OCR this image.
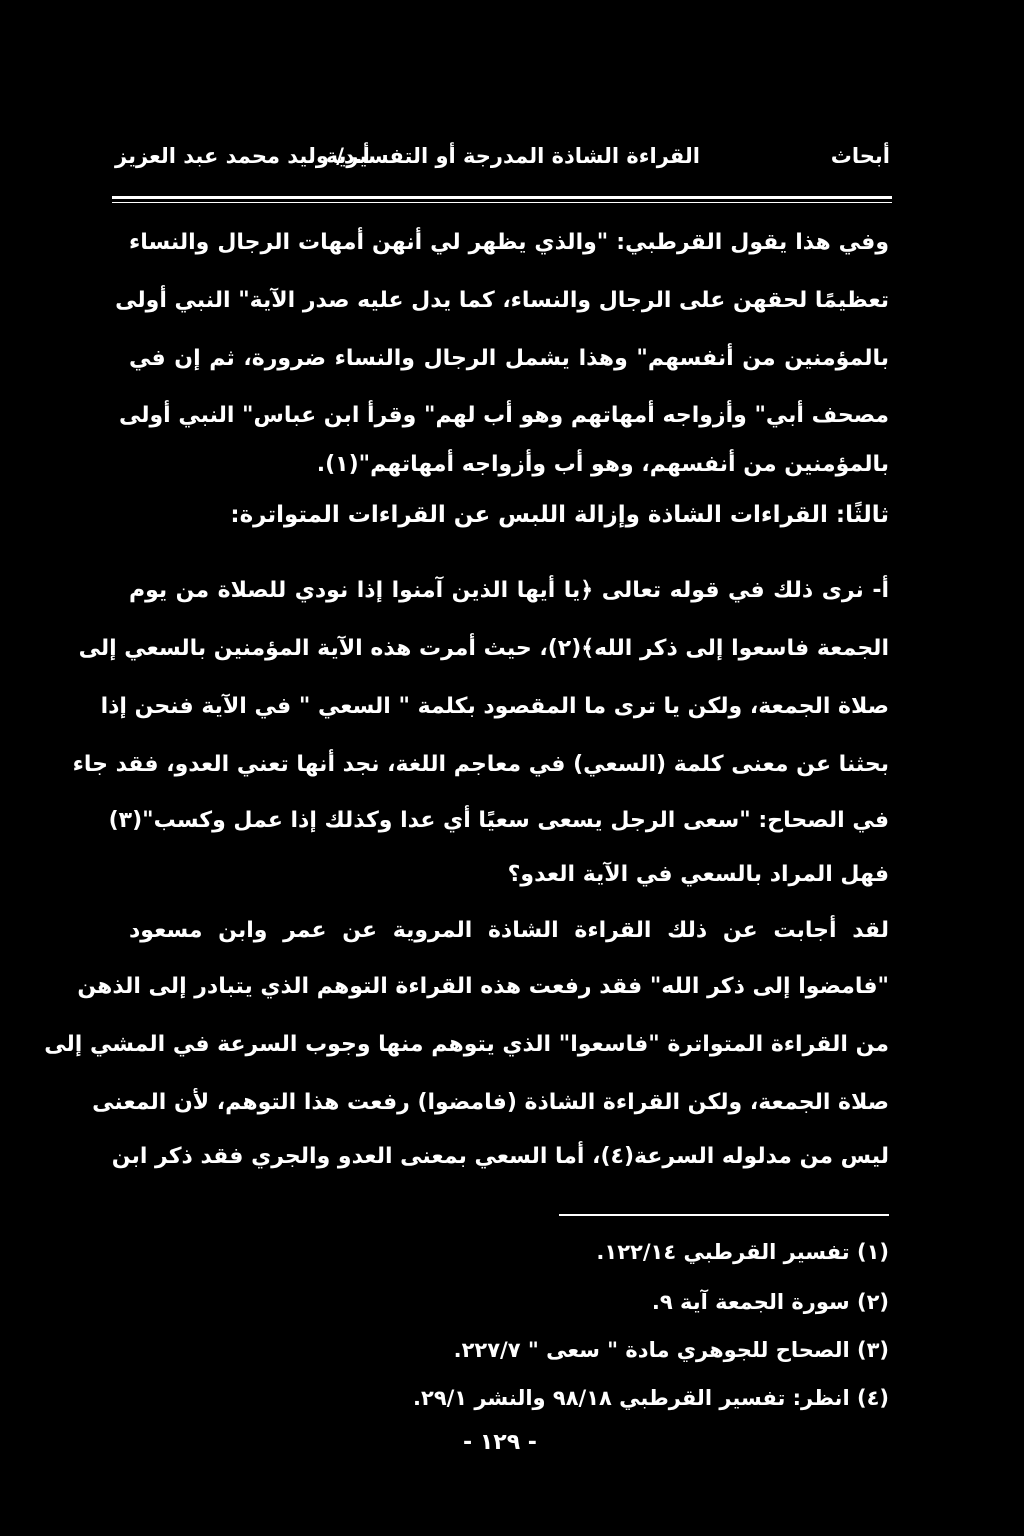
أبحاث
القراءة الشاذة المدرجة أو التفسيرية
أ.د/ وليد محمد عبد العزيز
وفي هذا يقول القرطبي: "والذي يظهر لي أنهن أمهات الرجال والنساء
تعظيمًا لحقهن على الرجال والنساء، كما يدل عليه صدر الآية" النبي أولى
بالمؤمنين من أنفسهم" وهذا يشمل الرجال والنساء ضرورة، ثم إن في
مصحف أبي" وأزواجه أمهاتهم وهو أب لهم" وقرأ ابن عباس" النبي أولى
بالمؤمنين من أنفسهم، وهو أب وأزواجه أمهاتهم"(١).
ثالثًا: القراءات الشاذة وإزالة اللبس عن القراءات المتواترة:
أ- نرى ذلك في قوله تعالى ﴿يا أيها الذين آمنوا إذا نودي للصلاة من يوم
الجمعة فاسعوا إلى ذكر الله﴾(٢)، حيث أمرت هذه الآية المؤمنين بالسعي إلى
صلاة الجمعة، ولكن يا ترى ما المقصود بكلمة " السعي " في الآية فنحن إذا
بحثنا عن معنى كلمة (السعي) في معاجم اللغة، نجد أنها تعني العدو، فقد جاء
في الصحاح: "سعى الرجل يسعى سعيًا أي عدا وكذلك إذا عمل وكسب"(٣)
فهل المراد بالسعي في الآية العدو؟
لقد أجابت عن ذلك القراءة الشاذة المروية عن عمر وابن مسعود
"فامضوا إلى ذكر الله" فقد رفعت هذه القراءة التوهم الذي يتبادر إلى الذهن
من القراءة المتواترة "فاسعوا" الذي يتوهم منها وجوب السرعة في المشي إلى
صلاة الجمعة، ولكن القراءة الشاذة (فامضوا) رفعت هذا التوهم، لأن المعنى
ليس من مدلوله السرعة(٤)، أما السعي بمعنى العدو والجري فقد ذكر ابن
(١) تفسير القرطبي ١٢٢/١٤.
(٢) سورة الجمعة آية ٩.
(٣) الصحاح للجوهري مادة " سعى " ٢٢٧/٧.
(٤) انظر: تفسير القرطبي ٩٨/١٨ والنشر ٢٩/١.
- ١٢٩ -
